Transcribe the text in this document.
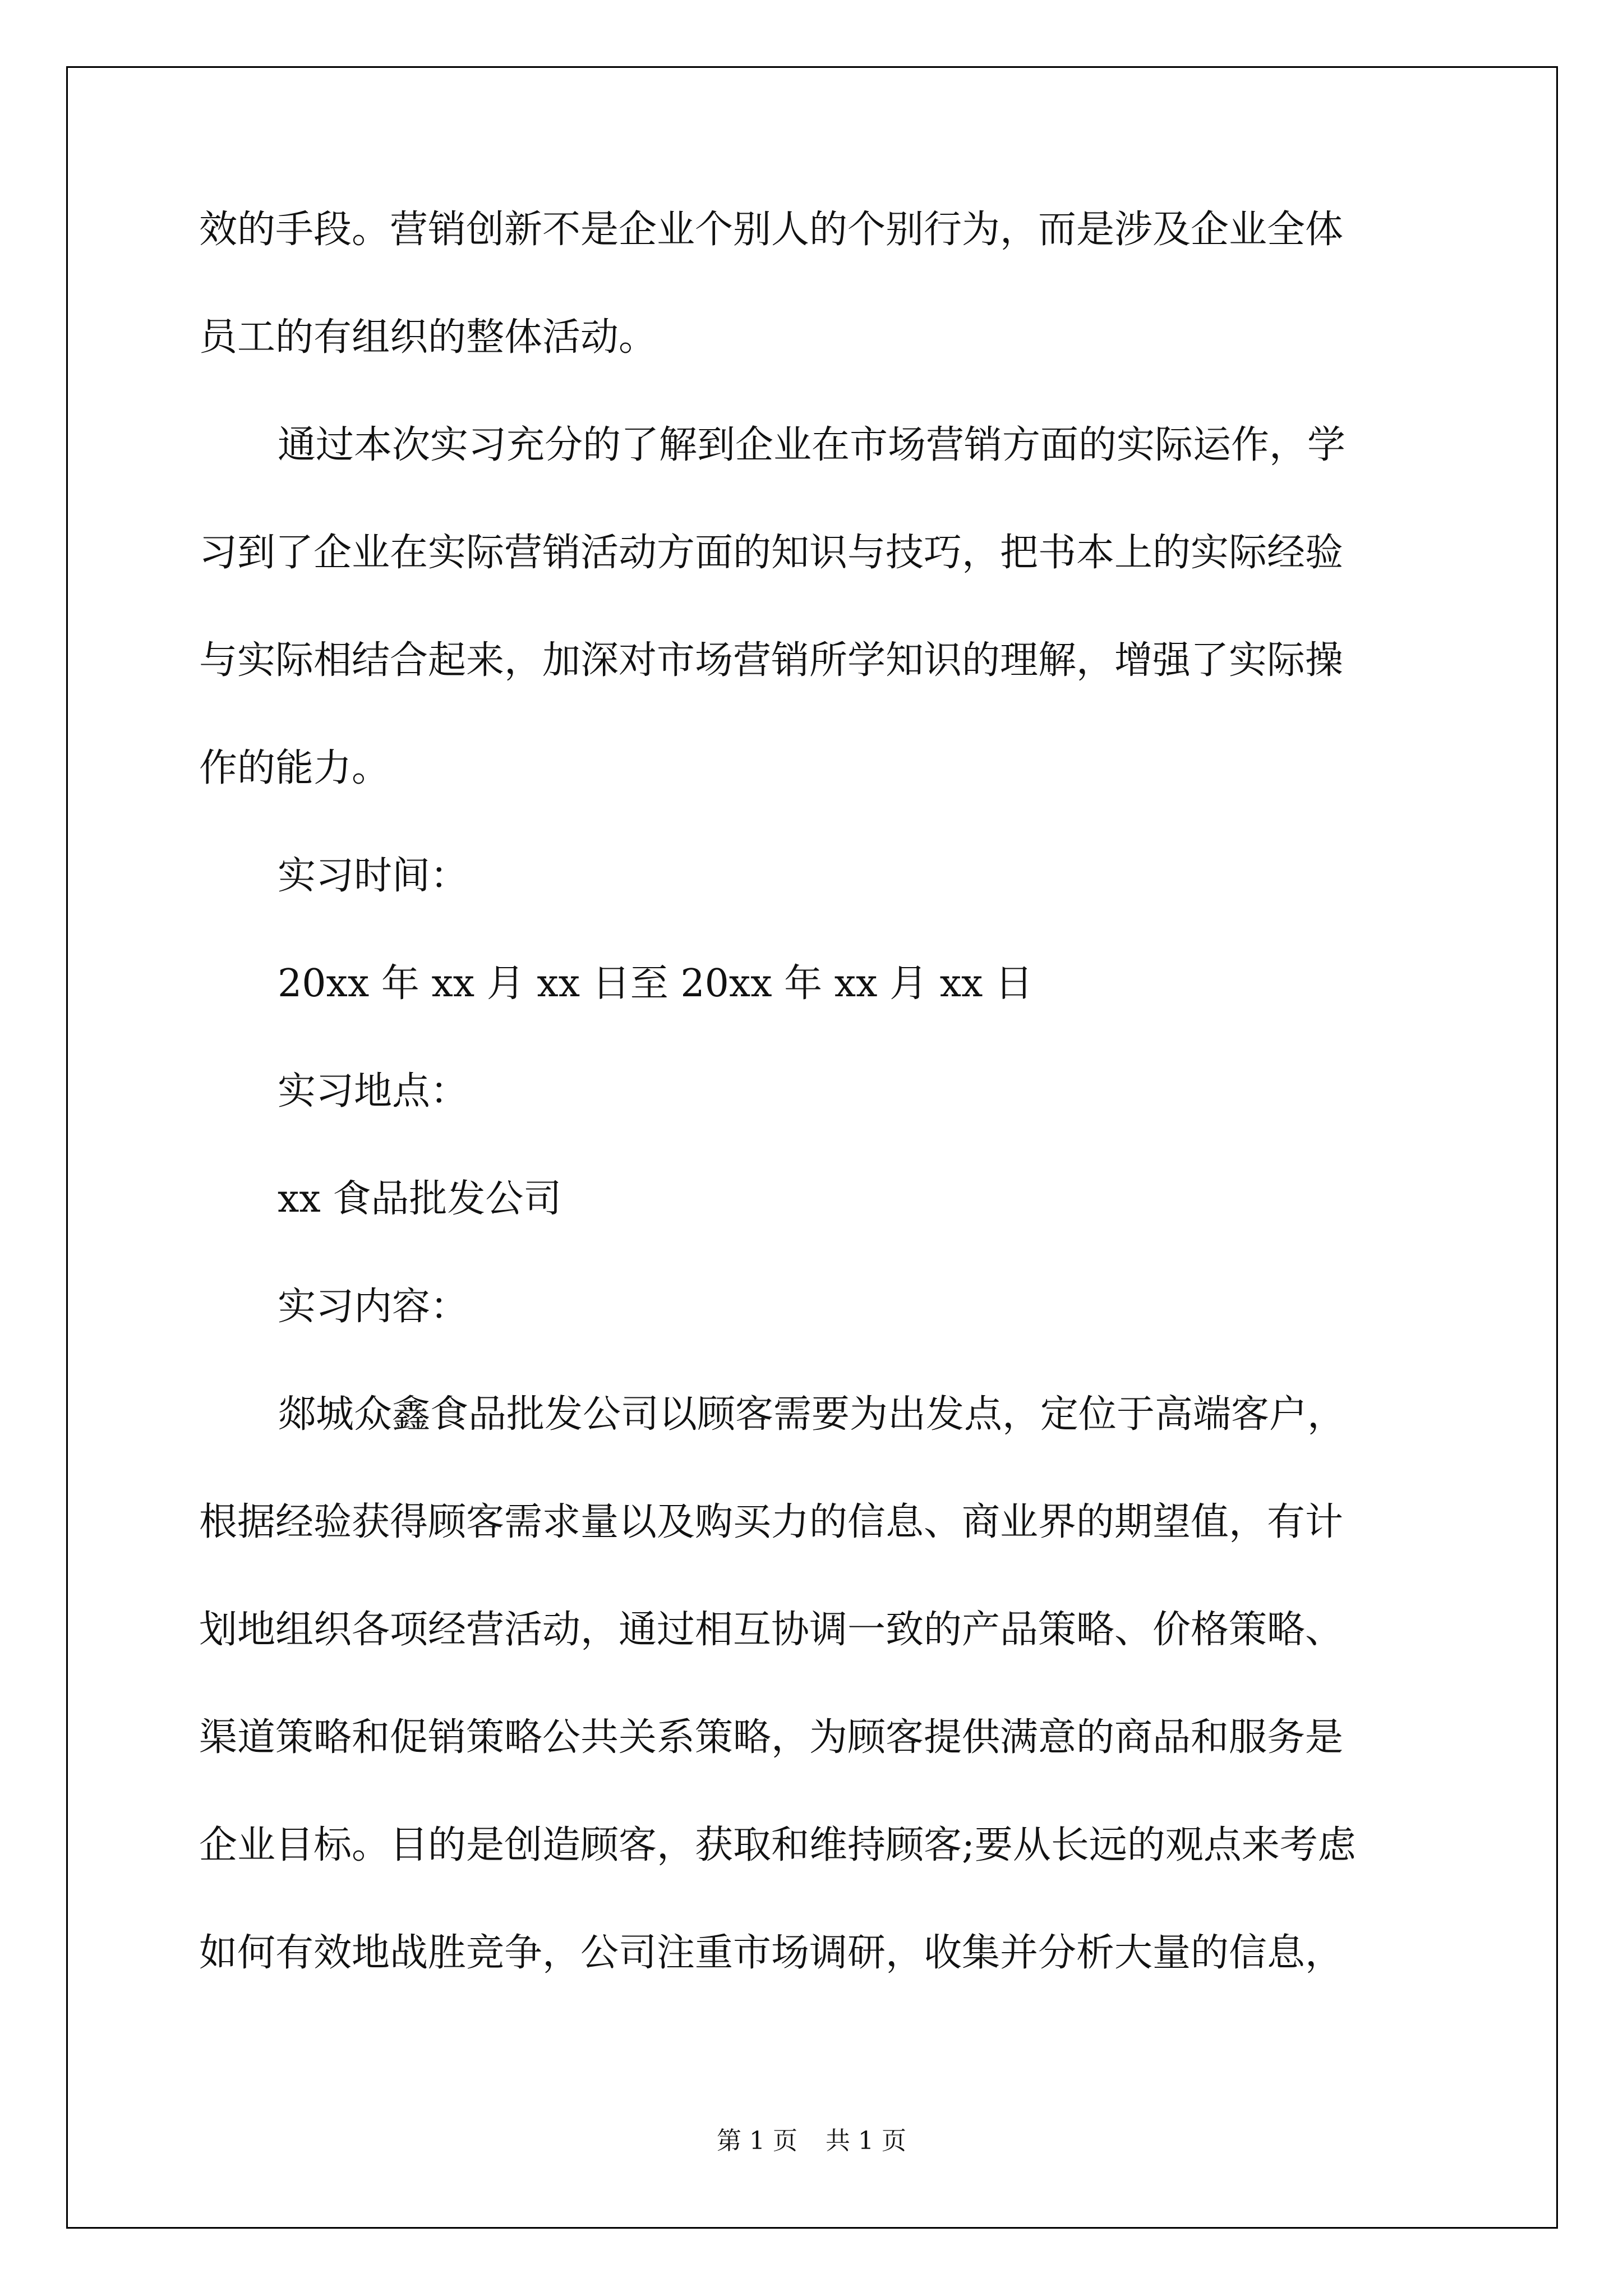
效的手段。营销创新不是企业个别人的个别行为，而是涉及企业全体
员工的有组织的整体活动。
通过本次实习充分的了解到企业在市场营销方面的实际运作，学
习到了企业在实际营销活动方面的知识与技巧，把书本上的实际经验
与实际相结合起来，加深对市场营销所学知识的理解，增强了实际操
作的能力。
实习时间：
20xx 年 xx 月 xx 日至 20xx 年 xx 月 xx 日
实习地点：
xx 食品批发公司
实习内容：
郯城众鑫食品批发公司以顾客需要为出发点，定位于高端客户，
根据经验获得顾客需求量以及购买力的信息、商业界的期望值，有计
划地组织各项经营活动，通过相互协调一致的产品策略、价格策略、
渠道策略和促销策略公共关系策略，为顾客提供满意的商品和服务是
企业目标。目的是创造顾客，获取和维持顾客;要从长远的观点来考虑
如何有效地战胜竞争，公司注重市场调研，收集并分析大量的信息，
第 1 页 共 1 页
